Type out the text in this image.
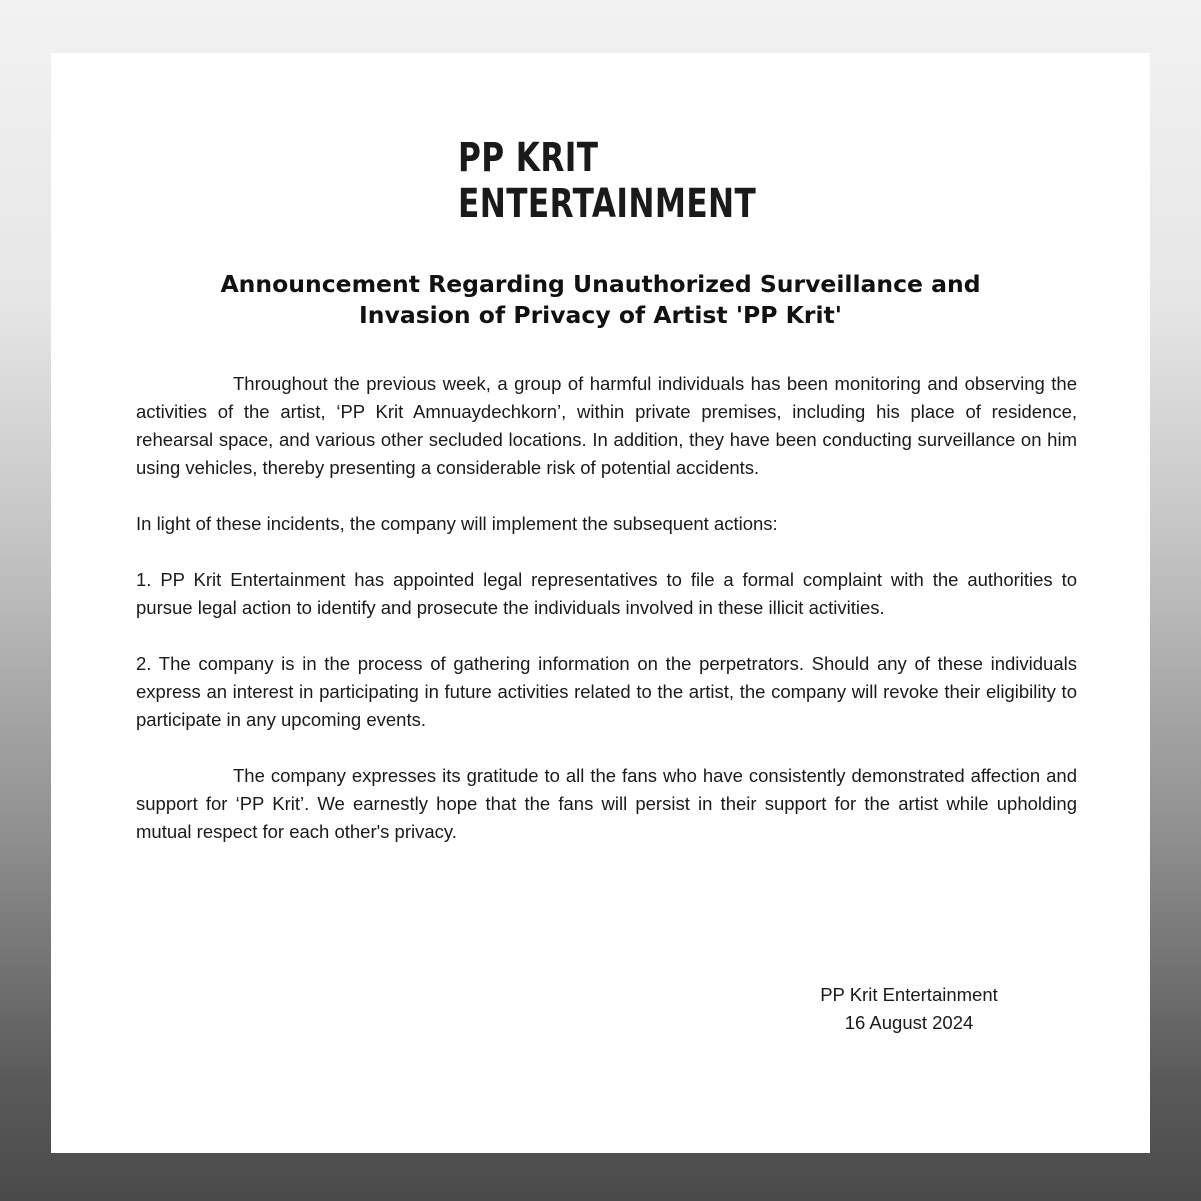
PP KRIT
ENTERTAINMENT
Announcement Regarding Unauthorized Surveillance and
Invasion of Privacy of Artist 'PP Krit'

Throughout the previous week, a group of harmful individuals has been monitoring and observing the activities of the artist, ‘PP Krit Amnuaydechkorn’, within private premises, including his place of residence, rehearsal space, and various other secluded locations. In addition, they have been conducting surveillance on him using vehicles, thereby presenting a considerable risk of potential accidents.

In light of these incidents, the company will implement the subsequent actions:

1. PP Krit Entertainment has appointed legal representatives to file a formal complaint with the authorities to pursue legal action to identify and prosecute the individuals involved in these illicit activities.

2. The company is in the process of gathering information on the perpetrators. Should any of these individuals express an interest in participating in future activities related to the artist, the company will revoke their eligibility to participate in any upcoming events.

The company expresses its gratitude to all the fans who have consistently demonstrated affection and support for ‘PP Krit’. We earnestly hope that the fans will persist in their support for the artist while upholding mutual respect for each other's privacy.

PP Krit Entertainment
16 August 2024
